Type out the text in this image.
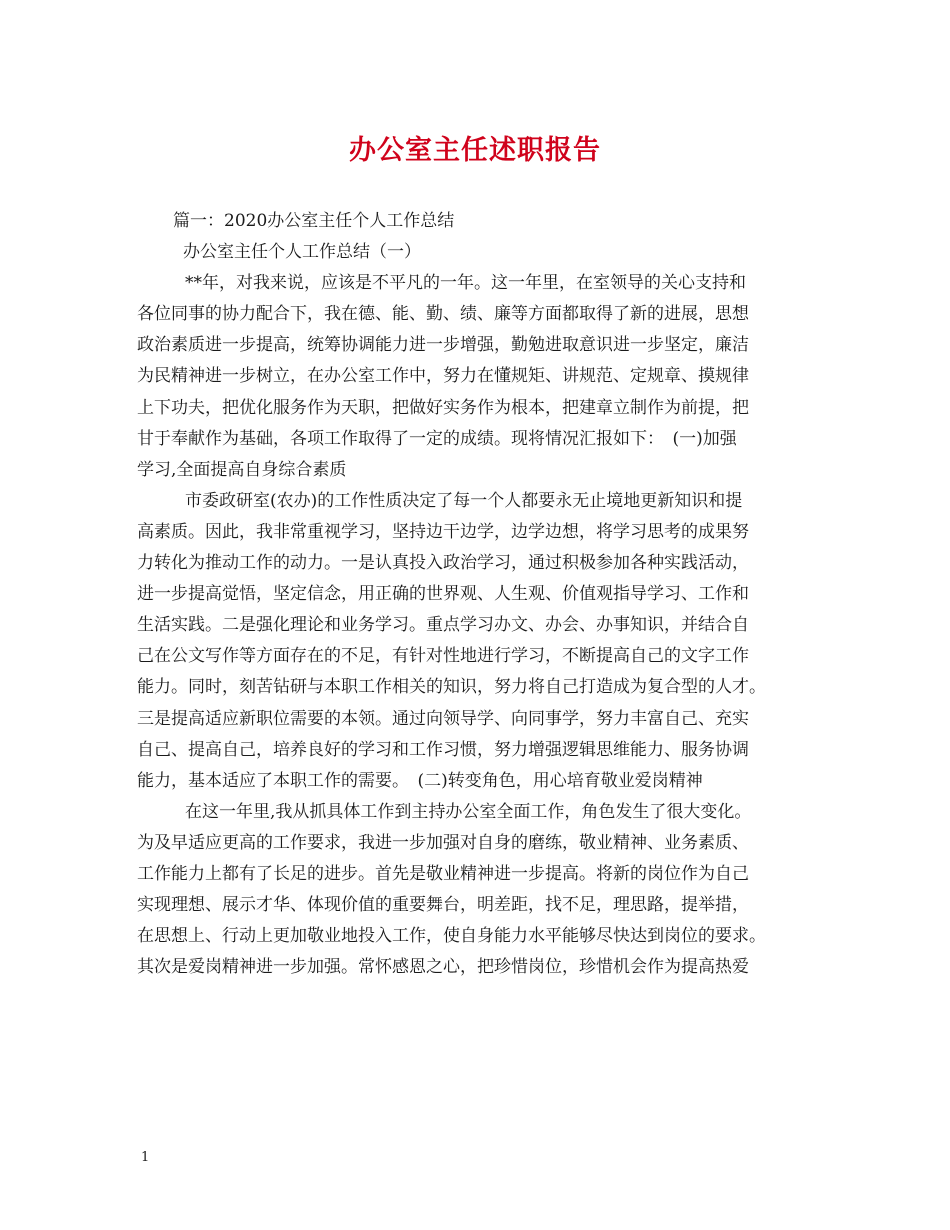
办公室主任述职报告

篇一：2020办公室主任个人工作总结

办公室主任个人工作总结（一）

**年，对我来说，应该是不平凡的一年。这一年里，在室领导的关心支持和

各位同事的协力配合下，我在德、能、勤、绩、廉等方面都取得了新的进展，思想

政治素质进一步提高，统筹协调能力进一步增强，勤勉进取意识进一步坚定，廉洁

为民精神进一步树立，在办公室工作中，努力在懂规矩、讲规范、定规章、摸规律

上下功夫，把优化服务作为天职，把做好实务作为根本，把建章立制作为前提，把

甘于奉献作为基础，各项工作取得了一定的成绩。现将情况汇报如下：　(一)加强

学习,全面提高自身综合素质

市委政研室(农办)的工作性质决定了每一个人都要永无止境地更新知识和提

高素质。因此，我非常重视学习，坚持边干边学，边学边想，将学习思考的成果努

力转化为推动工作的动力。一是认真投入政治学习，通过积极参加各种实践活动，

进一步提高觉悟，坚定信念，用正确的世界观、人生观、价值观指导学习、工作和

生活实践。二是强化理论和业务学习。重点学习办文、办会、办事知识，并结合自

己在公文写作等方面存在的不足，有针对性地进行学习，不断提高自己的文字工作

能力。同时，刻苦钻研与本职工作相关的知识，努力将自己打造成为复合型的人才。

三是提高适应新职位需要的本领。通过向领导学、向同事学，努力丰富自己、充实

自己、提高自己，培养良好的学习和工作习惯，努力增强逻辑思维能力、服务协调

能力，基本适应了本职工作的需要。　(二)转变角色，用心培育敬业爱岗精神

在这一年里,我从抓具体工作到主持办公室全面工作，角色发生了很大变化。

为及早适应更高的工作要求，我进一步加强对自身的磨练，敬业精神、业务素质、

工作能力上都有了长足的进步。首先是敬业精神进一步提高。将新的岗位作为自己

实现理想、展示才华、体现价值的重要舞台，明差距，找不足，理思路，提举措，

在思想上、行动上更加敬业地投入工作，使自身能力水平能够尽快达到岗位的要求。

其次是爱岗精神进一步加强。常怀感恩之心，把珍惜岗位，珍惜机会作为提高热爱

1
